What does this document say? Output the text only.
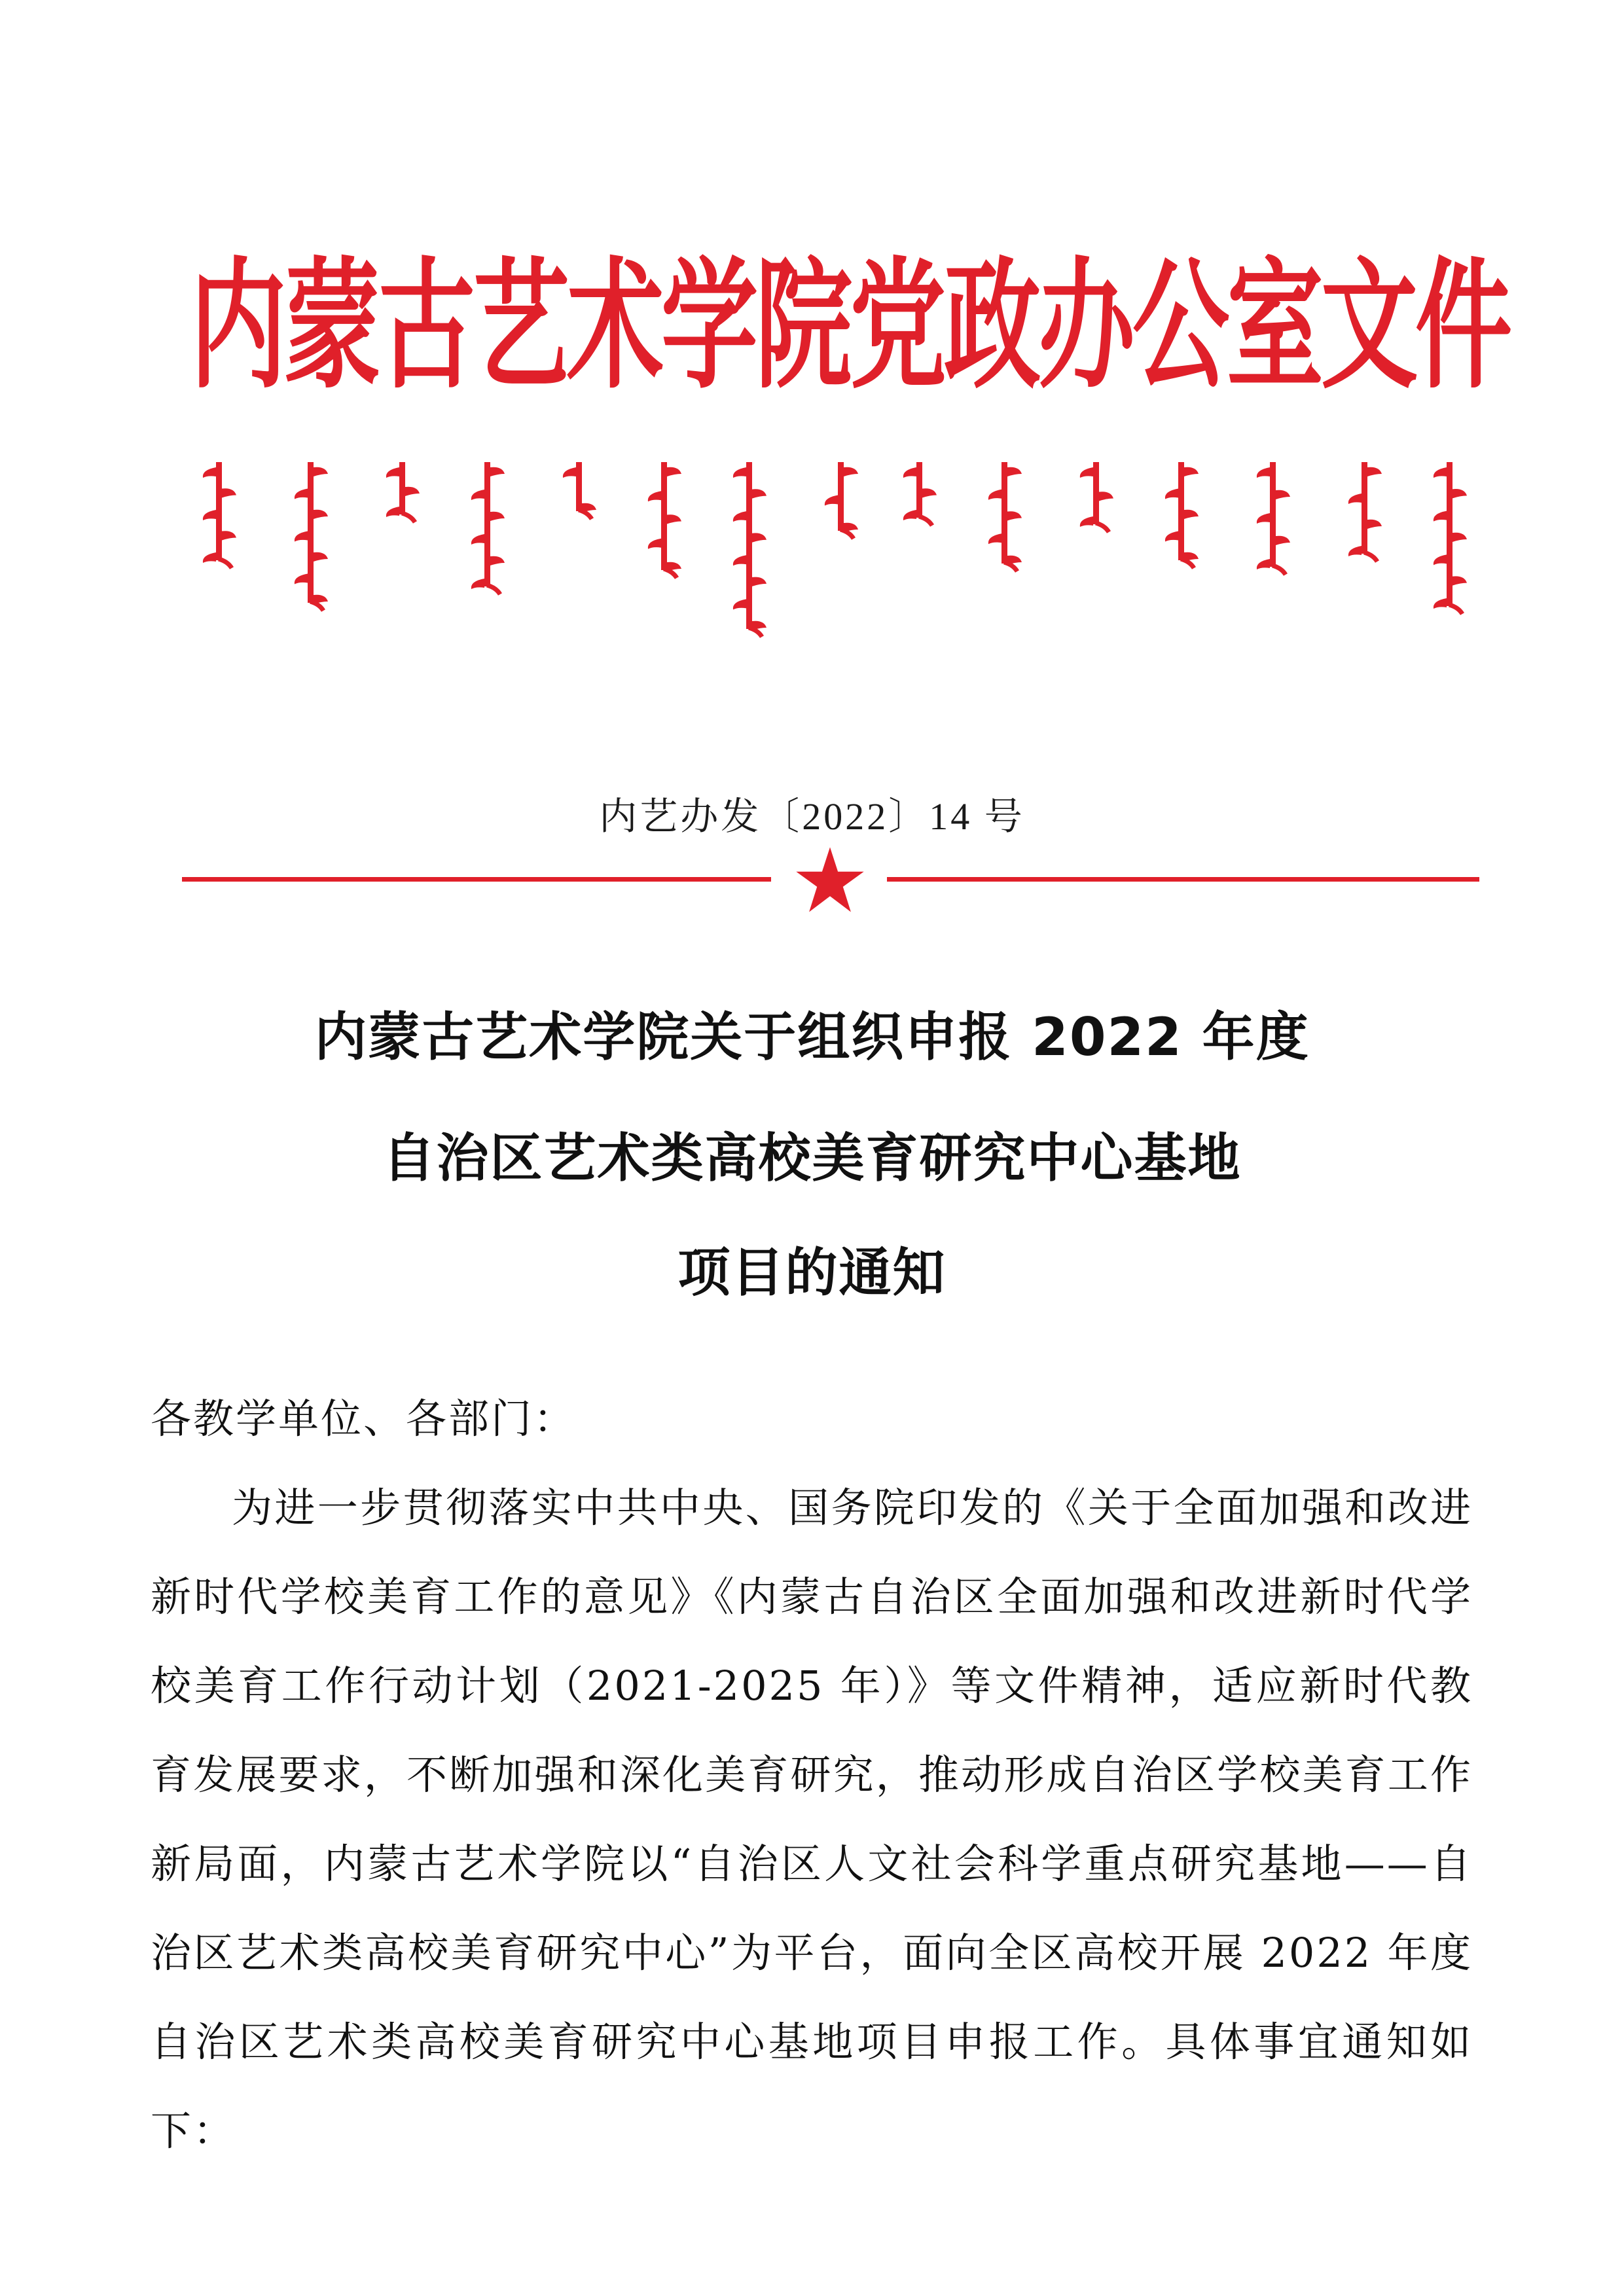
内蒙古艺术学院党政办公室文件
内艺办发〔2022〕14 号
内蒙古艺术学院关于组织申报 2022 年度
自治区艺术类高校美育研究中心基地
项目的通知
各教学单位、各部门：
为进一步贯彻落实中共中央、国务院印发的《关于全面加强和改进新时代学校美育工作的意见》《内蒙古自治区全面加强和改进新时代学校美育工作行动计划（2021-2025 年）》等文件精神，适应新时代教育发展要求，不断加强和深化美育研究，推动形成自治区学校美育工作新局面，内蒙古艺术学院以“自治区人文社会科学重点研究基地——自治区艺术类高校美育研究中心”为平台，面向全区高校开展 2022 年度自治区艺术类高校美育研究中心基地项目申报工作。具体事宜通知如下：
